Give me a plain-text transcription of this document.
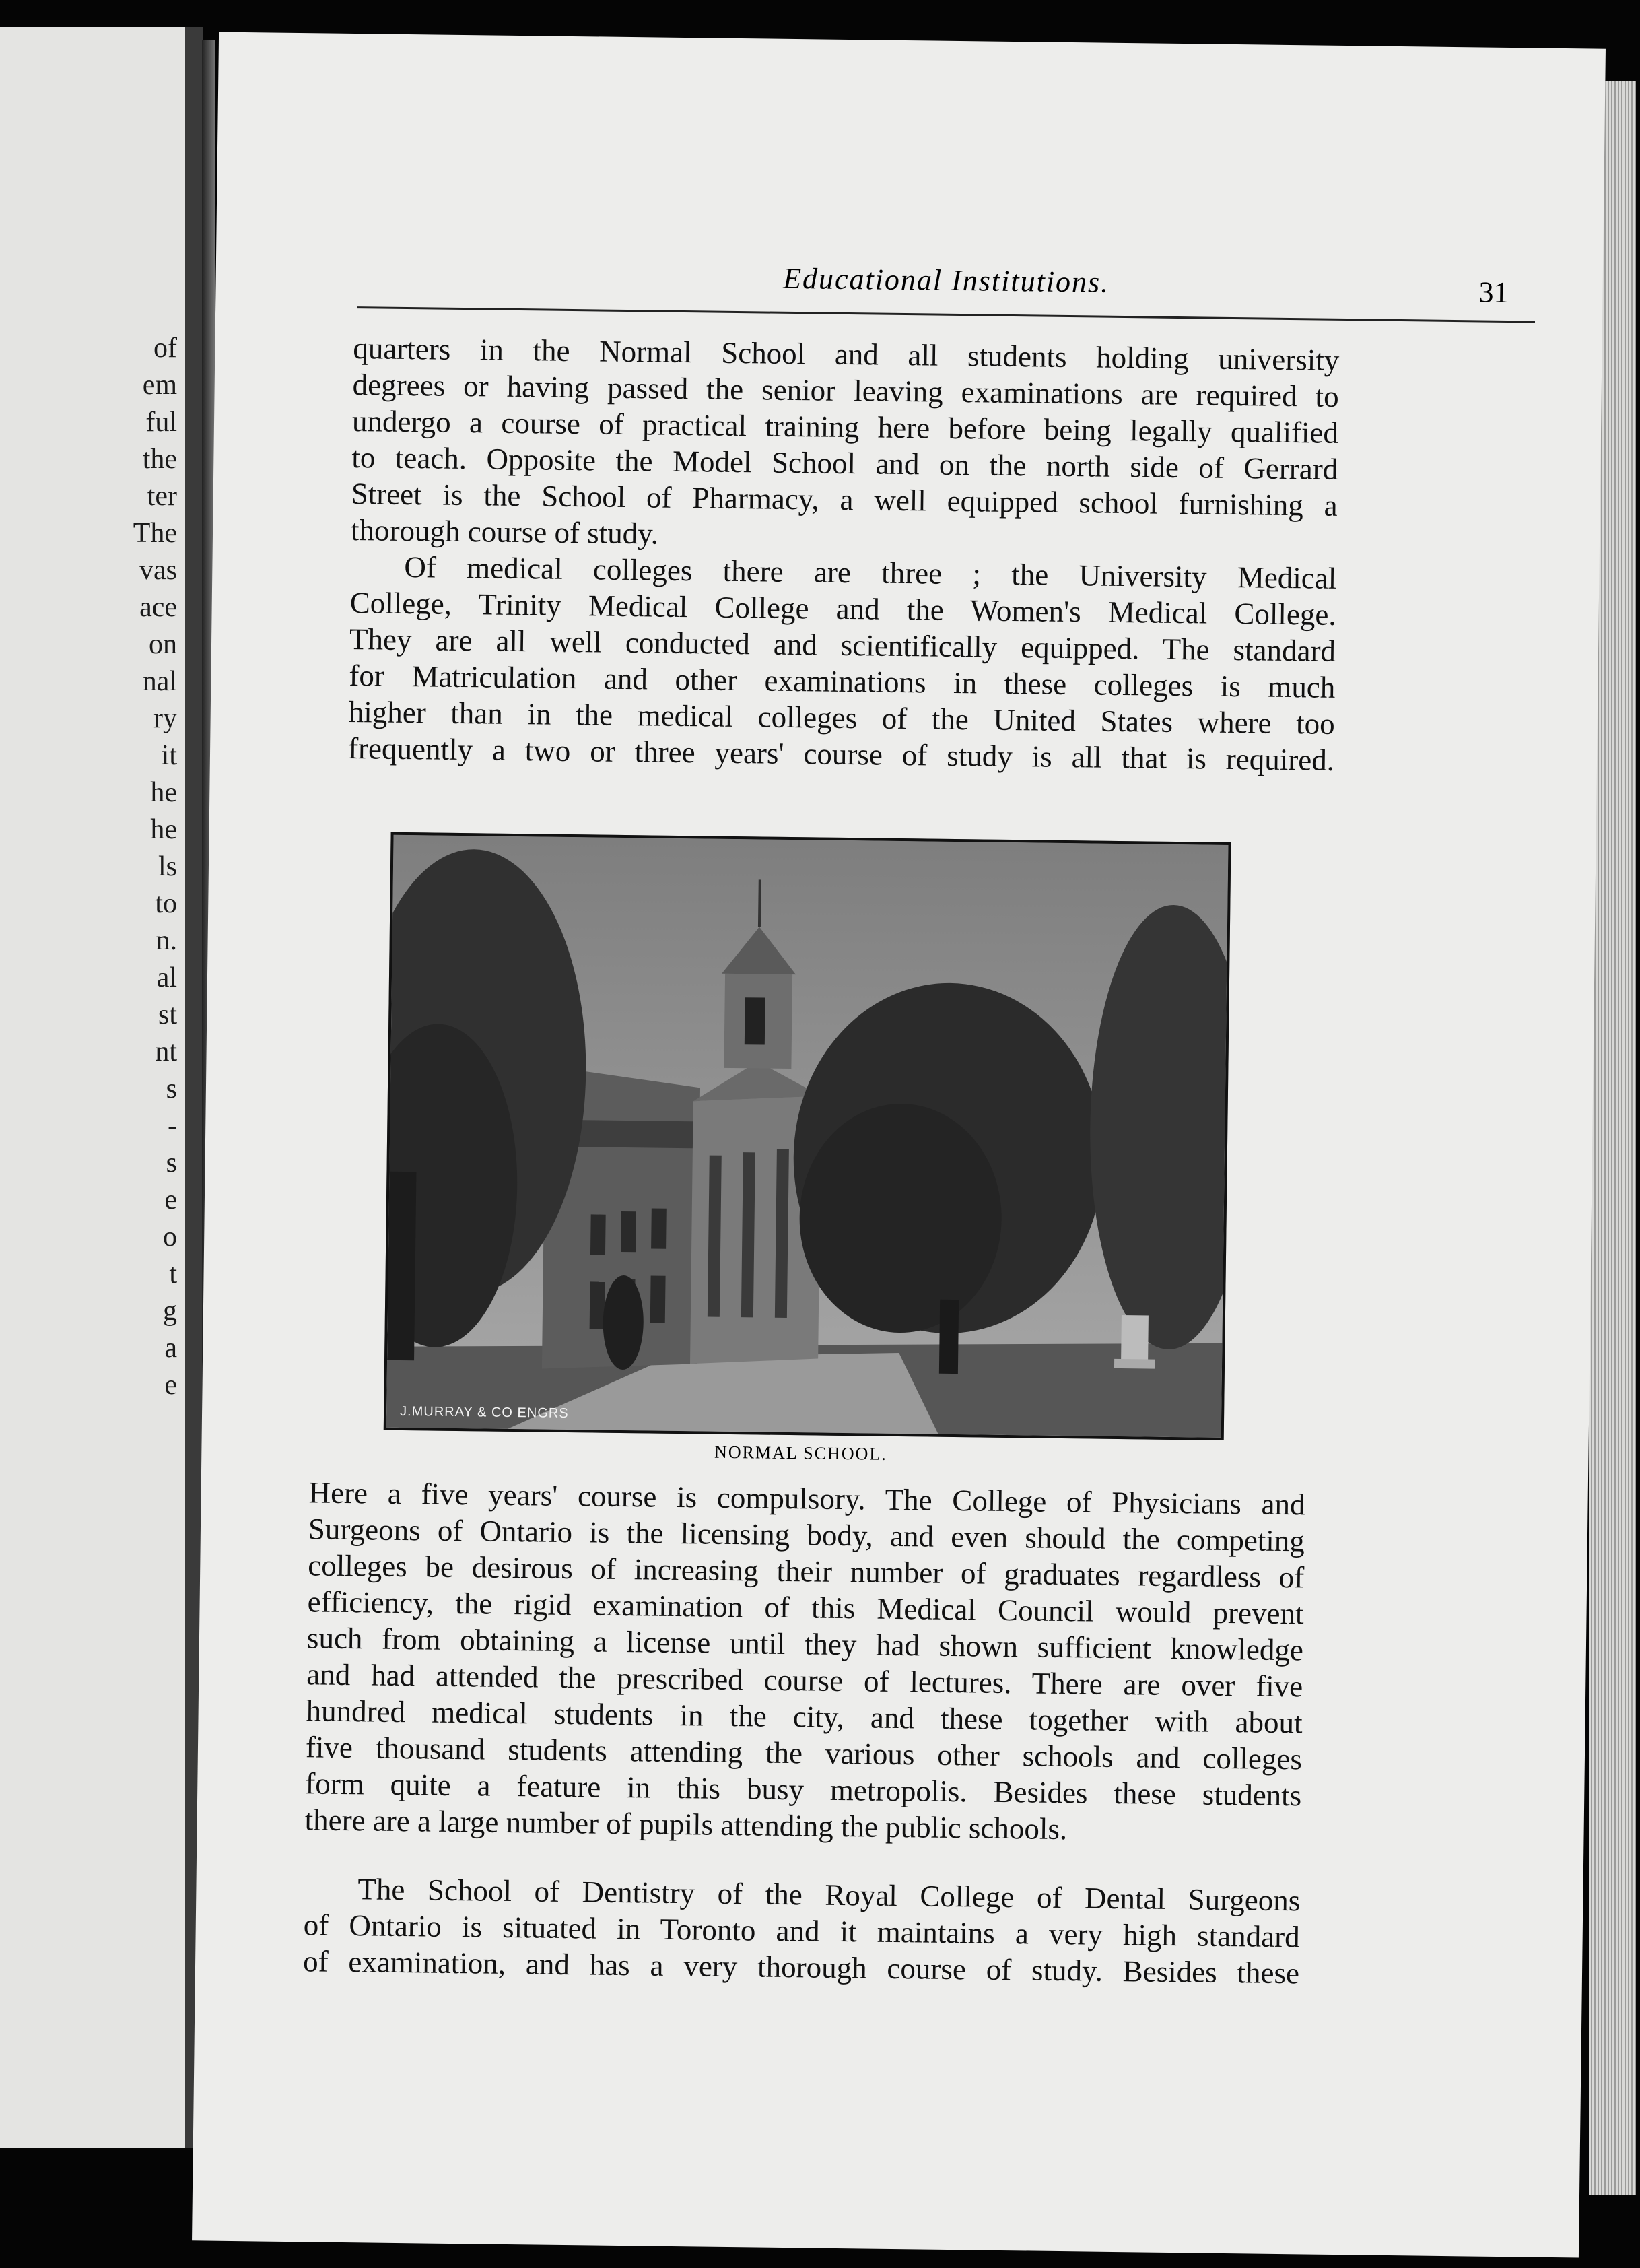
of
em
ful
the
ter
The
vas
ace
on
nal
ry
it
he
he
ls
to
n.
al
st
nt
s
-
s
e
o
t
g
a
e
Educational Institutions.	31

quarters in the Normal School and all students holding university
degrees or having passed the senior leaving examinations are required to
undergo a course of practical training here before being legally qualified
to teach. Opposite the Model School and on the north side of Gerrard
Street is the School of Pharmacy, a well equipped school furnishing a
thorough course of study.

Of medical colleges there are three ; the University Medical
College, Trinity Medical College and the Women's Medical College.
They are all well conducted and scientifically equipped. The standard
for Matriculation and other examinations in these colleges is much
higher than in the medical colleges of the United States where too
frequently a two or three years' course of study is all that is required.

J.MURRAY & CO ENGRS
NORMAL SCHOOL.

Here a five years' course is compulsory. The College of Physicians and
Surgeons of Ontario is the licensing body, and even should the competing
colleges be desirous of increasing their number of graduates regardless of
efficiency, the rigid examination of this Medical Council would prevent
such from obtaining a license until they had shown sufficient knowledge
and had attended the prescribed course of lectures. There are over five
hundred medical students in the city, and these together with about
five thousand students attending the various other schools and colleges
form quite a feature in this busy metropolis. Besides these students
there are a large number of pupils attending the public schools.

The School of Dentistry of the Royal College of Dental Surgeons
of Ontario is situated in Toronto and it maintains a very high standard
of examination, and has a very thorough course of study. Besides these
